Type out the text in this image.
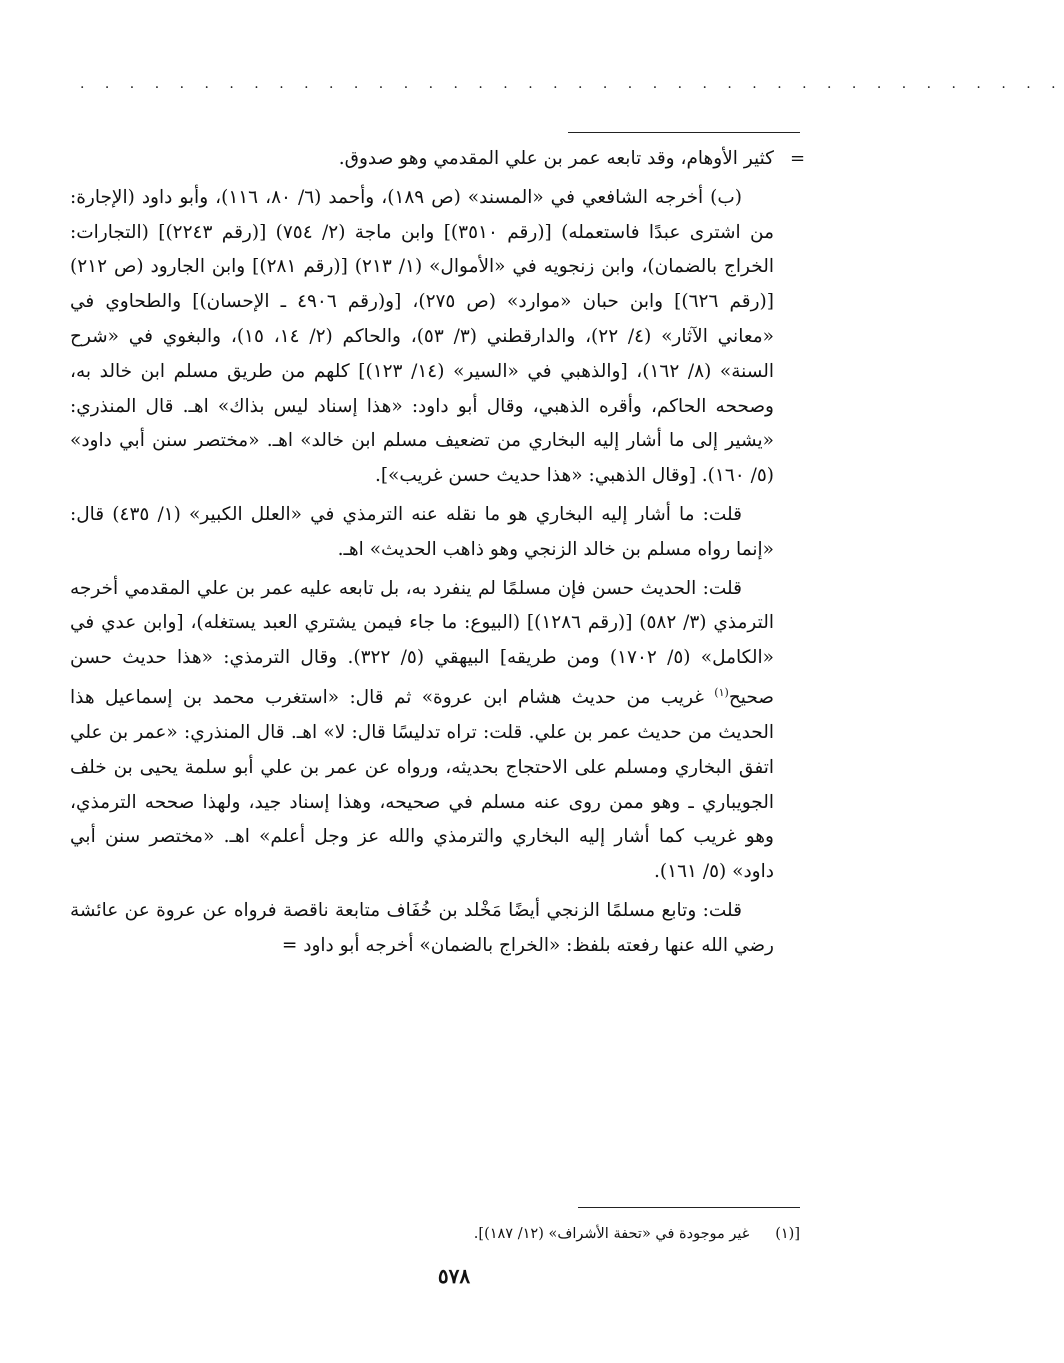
· · · · · · · · · · · · · · · · · · · · · · · · · · · · · · · · · · · · · · · ·
=

كثير الأوهام، وقد تابعه عمر بن علي المقدمي وهو صدوق.

(ب) أخرجه الشافعي في «المسند» (ص ١٨٩)، وأحمد (٦/ ٨٠، ١١٦)، وأبو داود (الإجارة: من اشترى عبدًا فاستعمله) [(رقم ٣٥١٠)] وابن ماجة (٢/ ٧٥٤) [(رقم ٢٢٤٣)] (التجارات: الخراج بالضمان)، وابن زنجويه في «الأموال» (١/ ٢١٣) [(رقم ٢٨١)] وابن الجارود (ص ٢١٢) [(رقم ٦٢٦)] وابن حبان «موارد» (ص ٢٧٥)، [و(رقم ٤٩٠٦ ـ الإحسان)] والطحاوي في «معاني الآثار» (٤/ ٢٢)، والدارقطني (٣/ ٥٣)، والحاكم (٢/ ١٤، ١٥)، والبغوي في «شرح السنة» (٨/ ١٦٢)، [والذهبي في «السير» (١٤/ ١٢٣)] كلهم من طريق مسلم ابن خالد به، وصححه الحاكم، وأقره الذهبي، وقال أبو داود: «هذا إسناد ليس بذاك» اهـ. قال المنذري: «يشير إلى ما أشار إليه البخاري من تضعيف مسلم ابن خالد» اهـ. «مختصر سنن أبي داود» (٥/ ١٦٠). [وقال الذهبي: «هذا حديث حسن غريب»].

قلت: ما أشار إليه البخاري هو ما نقله عنه الترمذي في «العلل الكبير» (١/ ٤٣٥) قال: «إنما رواه مسلم بن خالد الزنجي وهو ذاهب الحديث» اهـ.

قلت: الحديث حسن فإن مسلمًا لم ينفرد به، بل تابعه عليه عمر بن علي المقدمي أخرجه الترمذي (٣/ ٥٨٢) [(رقم ١٢٨٦)] (البيوع: ما جاء فيمن يشتري العبد يستغله)، [وابن عدي في «الكامل» (٥/ ١٧٠٢) ومن طريقه] البيهقي (٥/ ٣٢٢). وقال الترمذي: «هذا حديث حسن صحيح$^{(١)}$ غريب من حديث هشام ابن عروة» ثم قال: «استغرب محمد بن إسماعيل هذا الحديث من حديث عمر بن علي. قلت: تراه تدليسًا قال: لا» اهـ. قال المنذري: «عمر بن علي اتفق البخاري ومسلم على الاحتجاج بحديثه، ورواه عن عمر بن علي أبو سلمة يحيى بن خلف الجويباري ـ وهو ممن روى عنه مسلم في صحيحه، وهذا إسناد جيد، ولهذا صححه الترمذي، وهو غريب كما أشار إليه البخاري والترمذي والله عز وجل أعلم» اهـ. «مختصر سنن أبي داود» (٥/ ١٦١).

قلت: وتابع مسلمًا الزنجي أيضًا مَخْلد بن خُفَاف متابعة ناقصة فرواه عن عروة عن عائشة رضي الله عنها رفعته بلفظ: «الخراج بالضمان» أخرجه أبو داود =

[(١) غير موجودة في «تحفة الأشراف» (١٢/ ١٨٧)].
٥٧٨
